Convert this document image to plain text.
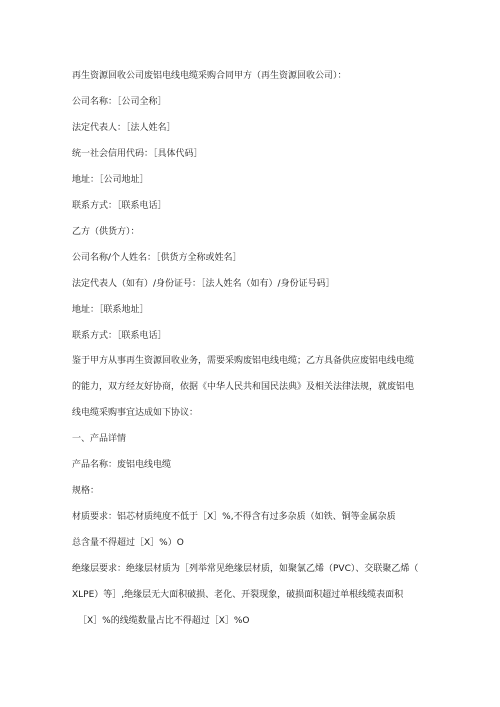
再生资源回收公司废铝电线电缆采购合同甲方（再生资源回收公司）：
公司名称：［公司全称］
法定代表人：［法人姓名］
统一社会信用代码：［具体代码］
地址：［公司地址］
联系方式：［联系电话］
乙方（供货方）：
公司名称/个人姓名：［供货方全称或姓名］
法定代表人（如有）/身份证号：［法人姓名（如有）/身份证号码］
地址：［联系地址］
联系方式：［联系电话］
鉴于甲方从事再生资源回收业务，需要采购废铝电线电缆；乙方具备供应废铝电线电缆
的能力，双方经友好协商，依据《中华人民共和国民法典》及相关法律法规，就废铝电
线电缆采购事宜达成如下协议：
一、产品详情
产品名称：废铝电线电缆
规格：
材质要求：铝芯材质纯度不低于［X］%,不得含有过多杂质（如铁、铜等金属杂质
总含量不得超过［X］%）O
绝缘层要求：绝缘层材质为［列举常见绝缘层材质，如聚氯乙烯（PVC）、交联聚乙烯（
XLPE）等］,绝缘层无大面积破损、老化、开裂现象，破损面积超过单根线缆表面积
［X］%的线缆数量占比不得超过［X］%O
